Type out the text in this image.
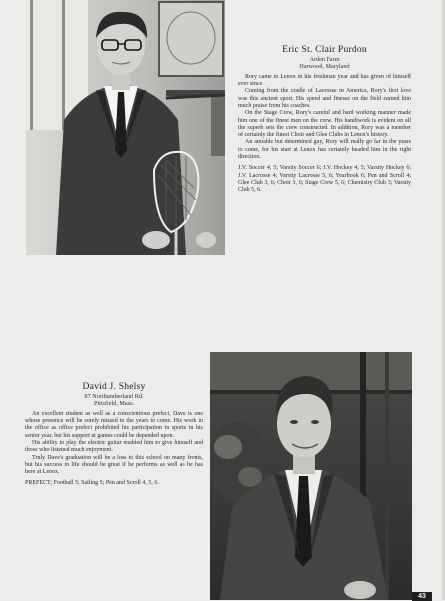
Eric St. Clair Purdon
Arden Farm
Harwood, Maryland

Rory came to Lenox in his freshman year and has given of himself ever since.

Coming from the cradle of Lacrosse in America, Rory's first love was this ancient sport. His speed and finesse on the field earned him much praise from his coaches.

On the Stage Crew, Rory's careful and hard working manner made him one of the finest men on the crew. His handiwork is evident on all the superb sets the crew constructed. In addition, Rory was a member of certainly the finest Choir and Glee Clubs in Lenox's history.

An amiable but determined guy, Rory will really go far in the years to come, for his start at Lenox has certainly headed him in the right direction.

J.V. Soccer 4, 5; Varsity Soccer 6; J.V. Hockey 4, 5; Varsity Hockey 6; J.V. Lacrosse 4; Varsity Lacrosse 5, 6; Yearbook 6; Pen and Scroll 4; Glee Club 3, 6; Choir 3, 6; Stage Crew 5, 6; Chemistry Club 3; Varsity Club 5, 6.

David J. Shelsy
87 Northumberland Rd.
Pittsfield, Mass.

An excellent student as well as a conscientious prefect, Dave is one whose presence will be sorely missed in the years to come. His work in the office as office prefect prohibited his participation in sports in his senior year, but his support at games could be depended upon.

His ability to play the electric guitar enabled him to give himself and those who listened much enjoyment.

Truly Dave's graduation will be a loss to this school on many fronts, but his success in life should be great if he performs as well as he has here at Lenox.

PREFECT; Football 5; Sailing 5; Pen and Scroll 4, 5, 6.

43
